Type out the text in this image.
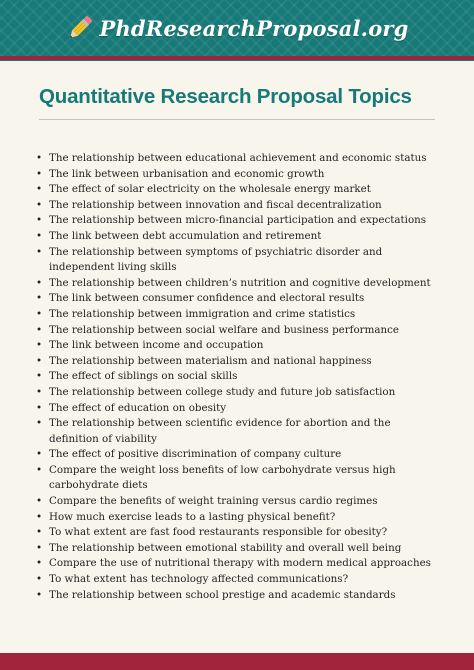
PhdResearchProposal.org
Quantitative Research Proposal Topics
• The relationship between educational achievement and economic status
• The link between urbanisation and economic growth
• The effect of solar electricity on the wholesale energy market
• The relationship between innovation and fiscal decentralization
• The relationship between micro-financial participation and expectations
• The link between debt accumulation and retirement
• The relationship between symptoms of psychiatric disorder and
independent living skills
• The relationship between children’s nutrition and cognitive development
• The link between consumer confidence and electoral results
• The relationship between immigration and crime statistics
• The relationship between social welfare and business performance
• The link between income and occupation
• The relationship between materialism and national happiness
• The effect of siblings on social skills
• The relationship between college study and future job satisfaction
• The effect of education on obesity
• The relationship between scientific evidence for abortion and the
definition of viability
• The effect of positive discrimination of company culture
• Compare the weight loss benefits of low carbohydrate versus high
carbohydrate diets
• Compare the benefits of weight training versus cardio regimes
• How much exercise leads to a lasting physical benefit?
• To what extent are fast food restaurants responsible for obesity?
• The relationship between emotional stability and overall well being
• Compare the use of nutritional therapy with modern medical approaches
• To what extent has technology affected communications?
• The relationship between school prestige and academic standards
